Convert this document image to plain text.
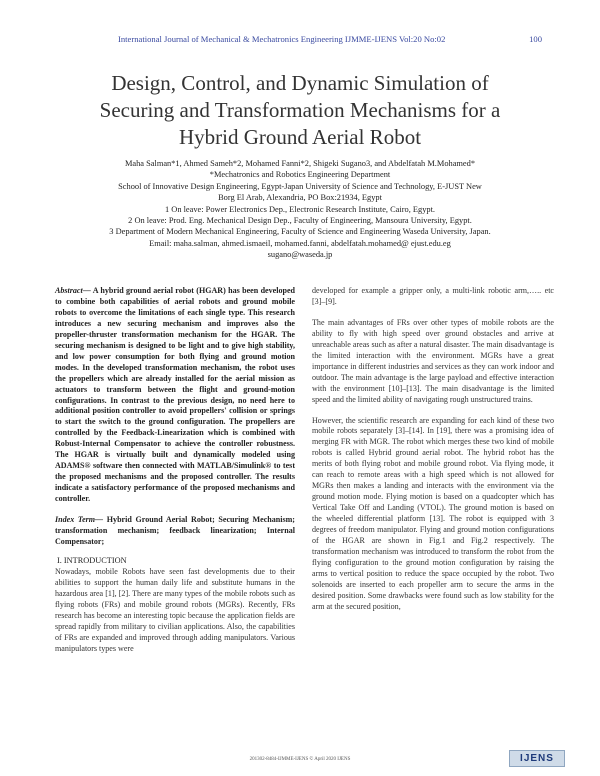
International Journal of Mechanical & Mechatronics Engineering IJMME-IJENS Vol:20 No:02	100
Design, Control, and Dynamic Simulation of
Securing and Transformation Mechanisms for a
Hybrid Ground Aerial Robot
Maha Salman*1, Ahmed Sameh*2, Mohamed Fanni*2, Shigeki Sugano3, and Abdelfatah M.Mohamed*
*Mechatronics and Robotics Engineering Department
School of Innovative Design Engineering, Egypt-Japan University of Science and Technology, E-JUST New
Borg El Arab, Alexandria, PO Box:21934, Egypt
1 On leave: Power Electronics Dep., Electronic Research Institute, Cairo, Egypt.
2 On leave: Prod. Eng. Mechanical Design Dep., Faculty of Engineering, Mansoura University, Egypt.
3 Department of Modern Mechanical Engineering, Faculty of Science and Engineering Waseda University, Japan.
Email: maha.salman, ahmed.ismaeil, mohamed.fanni, abdelfatah.mohamed@ ejust.edu.eg
sugano@waseda.jp

Abstract— A hybrid ground aerial robot (HGAR) has been developed to combine both capabilities of aerial robots and ground mobile robots to overcome the limitations of each single type. This research introduces a new securing mechanism and improves also the propeller-thruster transformation mechanism for the HGAR. The securing mechanism is designed to be light and to give high stability, and low power consumption for both flying and ground motion modes. In the developed transformation mechanism, the robot uses the propellers which are already installed for the aerial mission as actuators to transform between the flight and ground-motion configurations. In contrast to the previous design, no need here to additional position controller to avoid propellers' collision or springs to start the switch to the ground configuration. The propellers are controlled by the Feedback-Linearization which is combined with Robust-Internal Compensator to achieve the controller robustness. The HGAR is virtually built and dynamically modeled using ADAMS® software then connected with MATLAB/Simulink® to test the proposed mechanisms and the proposed controller. The results indicate a satisfactory performance of the proposed mechanisms and controller.

Index Term— Hybrid Ground Aerial Robot; Securing Mechanism; transformation mechanism; feedback linearization; Internal Compensator;

I. INTRODUCTION

Nowadays, mobile Robots have seen fast developments due to their abilities to support the human daily life and substitute humans in the hazardous area [1], [2]. There are many types of the mobile robots such as flying robots (FRs) and mobile ground robots (MGRs). Recently, FRs research has become an interesting topic because the application fields are spread rapidly from military to civilian applications. Also, the capabilities of FRs are expanded and improved through adding manipulators. Various manipulators types were

developed for example a gripper only, a multi-link robotic arm,….. etc [3]–[9].

The main advantages of FRs over other types of mobile robots are the ability to fly with high speed over ground obstacles and arrive at unreachable areas such as after a natural disaster. The main disadvantage is the limited interaction with the environment. MGRs have a great importance in different industries and services as they can work indoor and outdoor. The main advantage is the large payload and effective interaction with the environment [10]–[13]. The main disadvantage is the limited speed and the limited ability of navigating rough unstructured trains.

However, the scientific research are expanding for each kind of these two mobile robots separately [3]–[14]. In [19], there was a promising idea of merging FR with MGR. The robot which merges these two kind of mobile robots is called Hybrid ground aerial robot. The hybrid robot has the merits of both flying robot and mobile ground robot. Via flying mode, it can reach to remote areas with a high speed which is not allowed for MGRs then makes a landing and interacts with the environment via the ground motion mode. Flying motion is based on a quadcopter which has Vertical Take Off and Landing (VTOL). The ground motion is based on the wheeled differential platform [13]. The robot is equipped with 3 degrees of freedom manipulator. Flying and ground motion configurations of the HGAR are shown in Fig.1 and Fig.2 respectively. The transformation mechanism was introduced to transform the robot from the flying configuration to the ground motion configuration by raising the arms to vertical position to reduce the space occupied by the robot. Two solenoids are inserted to each propeller arm to secure the arms in the desired position. Some drawbacks were found such as low stability for the arm at the secured position,

201302-8484-IJMME-IJENS © April 2020 IJENS	IJENS
